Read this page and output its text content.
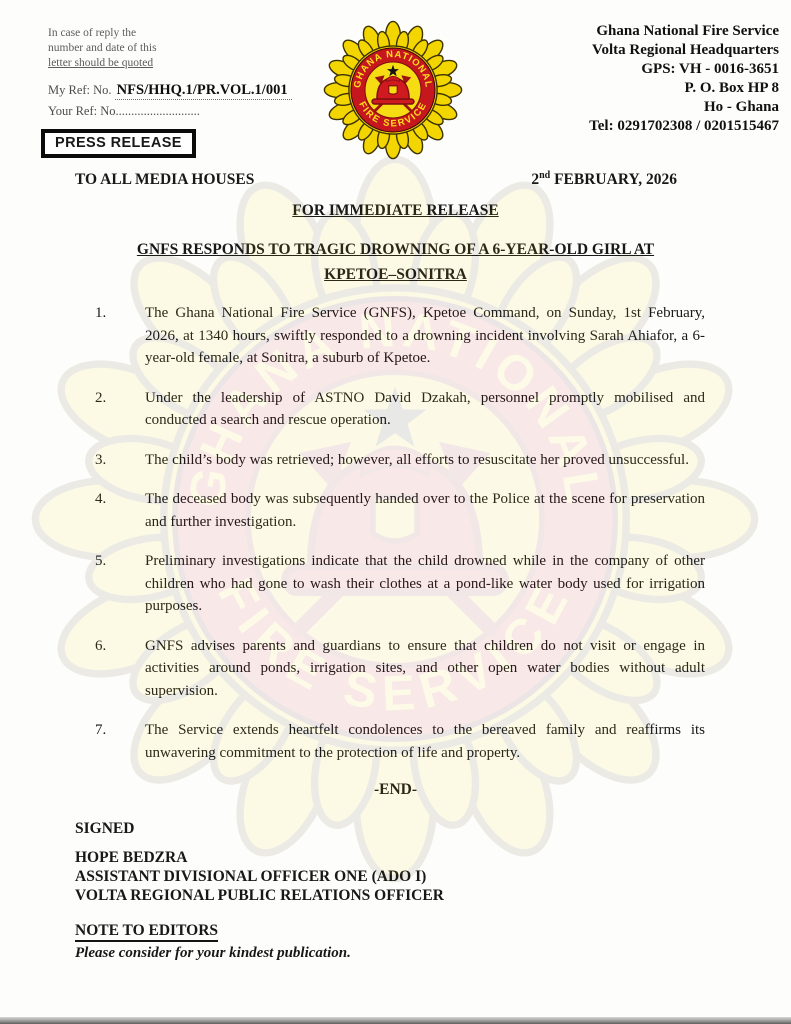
In case of reply the
number and date of this
letter should be quoted
My Ref: No. NFS/HHQ.1/PR.VOL.1/001
Your Ref: No...........................
PRESS RELEASE
Ghana National Fire Service
Volta Regional Headquarters
GPS: VH - 0016-3651
P. O. Box HP 8
Ho - Ghana
Tel: 0291702308 / 0201515467
TO ALL MEDIA HOUSES	2nd FEBRUARY, 2026
FOR IMMEDIATE RELEASE
GNFS RESPONDS TO TRAGIC DROWNING OF A 6-YEAR-OLD GIRL AT
KPETOE–SONITRA
1.	The Ghana National Fire Service (GNFS), Kpetoe Command, on Sunday, 1st February, 2026, at 1340 hours, swiftly responded to a drowning incident involving Sarah Ahiafor, a 6-year-old female, at Sonitra, a suburb of Kpetoe.
2.	Under the leadership of ASTNO David Dzakah, personnel promptly mobilised and conducted a search and rescue operation.
3.	The child’s body was retrieved; however, all efforts to resuscitate her proved unsuccessful.
4.	The deceased body was subsequently handed over to the Police at the scene for preservation and further investigation.
5.	Preliminary investigations indicate that the child drowned while in the company of other children who had gone to wash their clothes at a pond-like water body used for irrigation purposes.
6.	GNFS advises parents and guardians to ensure that children do not visit or engage in activities around ponds, irrigation sites, and other open water bodies without adult supervision.
7.	The Service extends heartfelt condolences to the bereaved family and reaffirms its unwavering commitment to the protection of life and property.
-END-
SIGNED
HOPE BEDZRA
ASSISTANT DIVISIONAL OFFICER ONE (ADO I)
VOLTA REGIONAL PUBLIC RELATIONS OFFICER
NOTE TO EDITORS
Please consider for your kindest publication.
